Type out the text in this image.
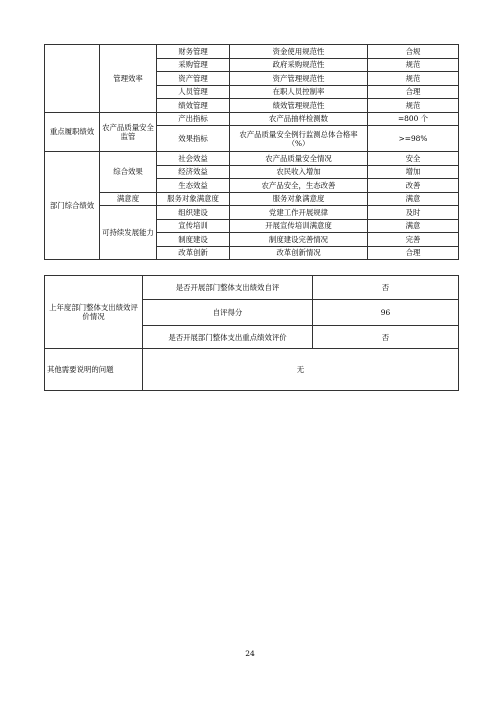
	管理效率	财务管理	资金使用规范性	合规
		采购管理	政府采购规范性	规范
		资产管理	资产管理规范性	规范
		人员管理	在职人员控制率	合理
		绩效管理	绩效管理规范性	规范
重点履职绩效	农产品质量安全监管	产出指标	农产品抽样检测数	=800 个
		效果指标	农产品质量安全例行监测总体合格率（%）	>=98%
部门综合绩效	综合效果	社会效益	农产品质量安全情况	安全
		经济效益	农民收入增加	增加
		生态效益	农产品安全，生态改善	改善
	满意度	服务对象满意度	服务对象满意度	满意
	可持续发展能力	组织建设	党建工作开展规律	及时
		宣传培训	开展宣传培训满意度	满意
		制度建设	制度建设完善情况	完善
		改革创新	改革创新情况	合理
上年度部门整体支出绩效评价情况	是否开展部门整体支出绩效自评	否
	自评得分	96
	是否开展部门整体支出重点绩效评价	否
其他需要说明的问题	无	
24
